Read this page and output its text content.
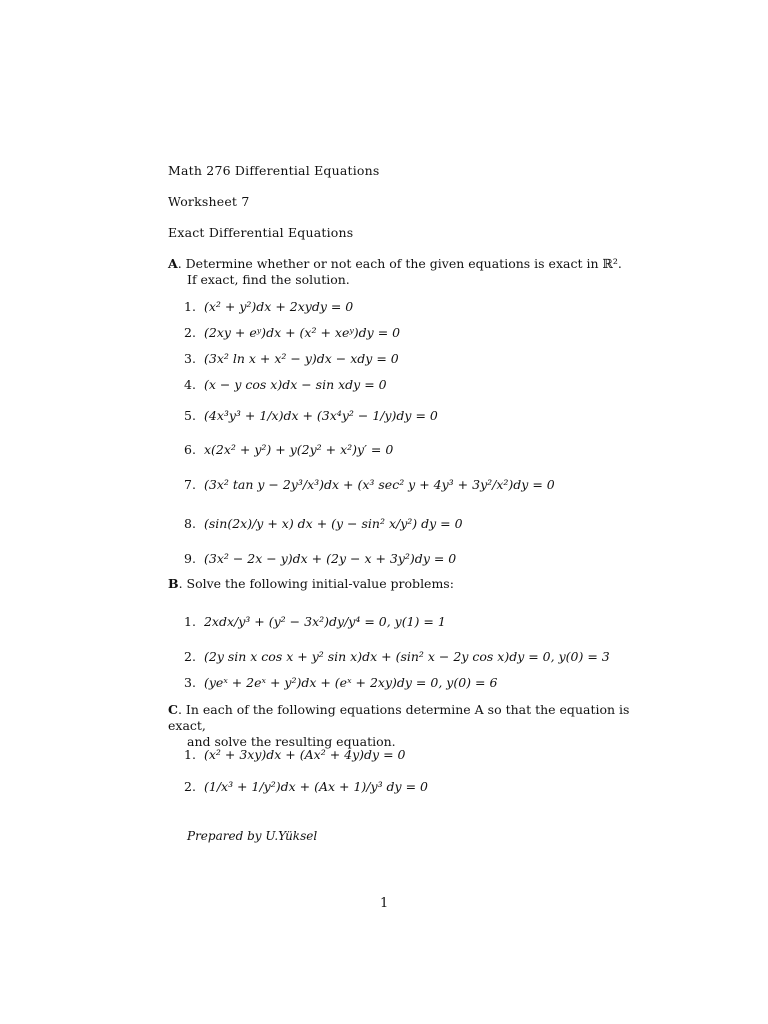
Math 276 Differential Equations
Worksheet 7
Exact Differential Equations
A. Determine whether or not each of the given equations is exact in ℝ².
If exact, find the solution.
1. (x² + y²)dx + 2xydy = 0
2. (2xy + eʸ)dx + (x² + xeʸ)dy = 0
3. (3x² ln x + x² − y)dx − xdy = 0
4. (x − y cos x)dx − sin xdy = 0
5. (4x³y³ + 1/x)dx + (3x⁴y² − 1/y)dy = 0
6. x(2x² + y²) + y(2y² + x²)y′ = 0
7. (3x² tan y − 2y³/x³)dx + (x³ sec² y + 4y³ + 3y²/x²)dy = 0
8. (sin(2x)/y + x) dx + (y − sin² x/y²) dy = 0
9. (3x² − 2x − y)dx + (2y − x + 3y²)dy = 0
B. Solve the following initial-value problems:
1. 2xdx/y³ + (y² − 3x²)dy/y⁴ = 0, y(1) = 1
2. (2y sin x cos x + y² sin x)dx + (sin² x − 2y cos x)dy = 0, y(0) = 3
3. (yeˣ + 2eˣ + y²)dx + (eˣ + 2xy)dy = 0, y(0) = 6
C. In each of the following equations determine A so that the equation is exact,
and solve the resulting equation.
1. (x² + 3xy)dx + (Ax² + 4y)dy = 0
2. (1/x³ + 1/y²)dx + (Ax + 1)/y³ dy = 0
Prepared by U.Yüksel
1
